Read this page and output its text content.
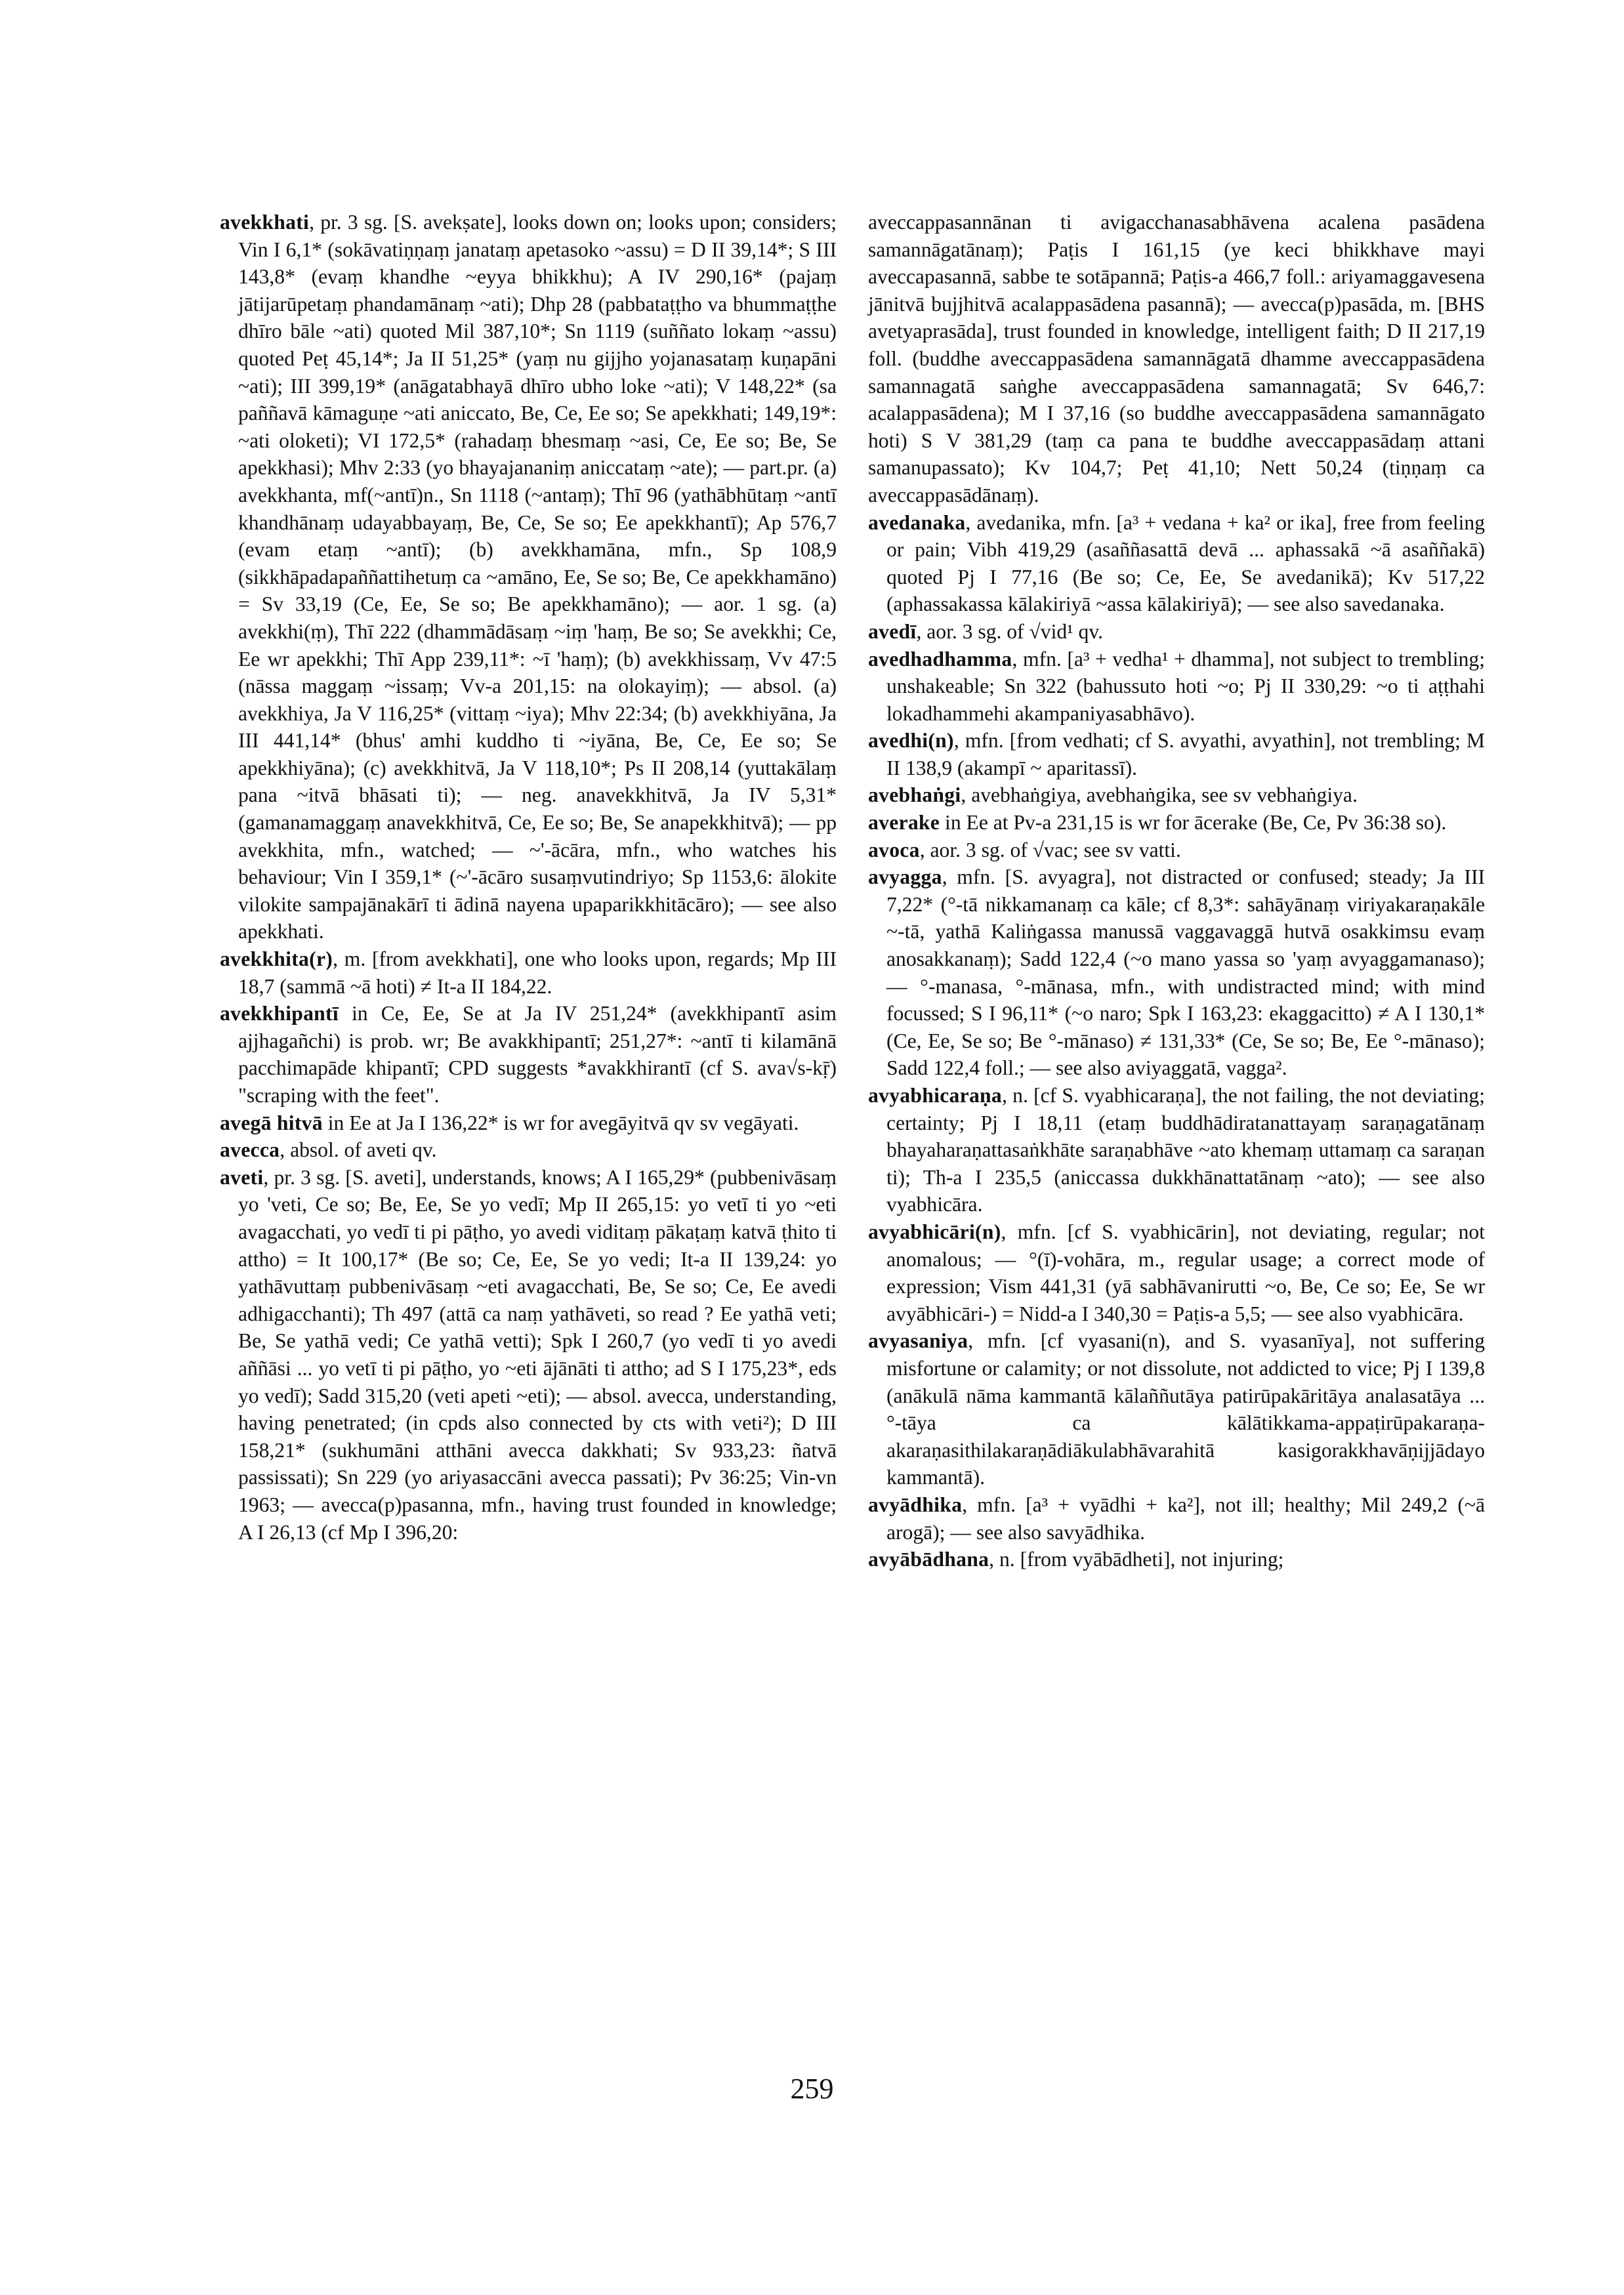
avekkhati, pr. 3 sg. [S. avekṣate], looks down on; looks upon; considers; Vin I 6,1* (sokāvatiṇṇaṃ janataṃ apetasoko ~assu) = D II 39,14*; S III 143,8* (evaṃ khandhe ~eyya bhikkhu); A IV 290,16* (pajaṃ jātijarūpetaṃ phandamānaṃ ~ati); Dhp 28 (pabbataṭṭho va bhummaṭṭhe dhīro bāle ~ati) quoted Mil 387,10*; Sn 1119 (suññato lokaṃ ~assu) quoted Peṭ 45,14*; Ja II 51,25* (yaṃ nu gijjho yojanasataṃ kuṇapāni ~ati); III 399,19* (anāgatabhayā dhīro ubho loke ~ati); V 148,22* (sa paññavā kāmaguṇe ~ati aniccato, Be, Ce, Ee so; Se apekkhati; 149,19*: ~ati oloketi); VI 172,5* (rahadaṃ bhesmaṃ ~asi, Ce, Ee so; Be, Se apekkhasi); Mhv 2:33 (yo bhayajananiṃ aniccataṃ ~ate); — part.pr. (a) avekkhanta, mf(~antī)n., Sn 1118 (~antaṃ); Thī 96 (yathābhūtaṃ ~antī khandhānaṃ udayabbayaṃ, Be, Ce, Se so; Ee apekkhantī); Ap 576,7 (evam etaṃ ~antī); (b) avekkhamāna, mfn., Sp 108,9 (sikkhāpadapaññattihetuṃ ca ~amāno, Ee, Se so; Be, Ce apekkhamāno) = Sv 33,19 (Ce, Ee, Se so; Be apekkhamāno); — aor. 1 sg. (a) avekkhi(ṃ), Thī 222 (dhammādāsaṃ ~iṃ 'haṃ, Be so; Se avekkhi; Ce, Ee wr apekkhi; Thī App 239,11*: ~ī 'haṃ); (b) avekkhissaṃ, Vv 47:5 (nāssa maggaṃ ~issaṃ; Vv-a 201,15: na olokayiṃ); — absol. (a) avekkhiya, Ja V 116,25* (vittaṃ ~iya); Mhv 22:34; (b) avekkhiyāna, Ja III 441,14* (bhus' amhi kuddho ti ~iyāna, Be, Ce, Ee so; Se apekkhiyāna); (c) avekkhitvā, Ja V 118,10*; Ps II 208,14 (yuttakālaṃ pana ~itvā bhāsati ti); — neg. anavekkhitvā, Ja IV 5,31* (gamanamaggaṃ anavekkhitvā, Ce, Ee so; Be, Se anapekkhitvā); — pp avekkhita, mfn., watched; — ~'-ācāra, mfn., who watches his behaviour; Vin I 359,1* (~'-ācāro susaṃvutindriyo; Sp 1153,6: ālokite vilokite sampajānakārī ti ādinā nayena upaparikkhitācāro); — see also apekkhati.

avekkhita(r), m. [from avekkhati], one who looks upon, regards; Mp III 18,7 (sammā ~ā hoti) ≠ It-a II 184,22.

avekkhipantī in Ce, Ee, Se at Ja IV 251,24* (avekkhipantī asim ajjhagañchi) is prob. wr; Be avakkhipantī; 251,27*: ~antī ti kilamānā pacchimapāde khipantī; CPD suggests *avakkhirantī (cf S. ava√s-kṝ) "scraping with the feet".

avegā hitvā in Ee at Ja I 136,22* is wr for avegāyitvā qv sv vegāyati.

avecca, absol. of aveti qv.

aveti, pr. 3 sg. [S. aveti], understands, knows; A I 165,29* (pubbenivāsaṃ yo 'veti, Ce so; Be, Ee, Se yo vedī; Mp II 265,15: yo vetī ti yo ~eti avagacchati, yo vedī ti pi pāṭho, yo avedi viditaṃ pākaṭaṃ katvā ṭhito ti attho) = It 100,17* (Be so; Ce, Ee, Se yo vedi; It-a II 139,24: yo yathāvuttaṃ pubbenivāsaṃ ~eti avagacchati, Be, Se so; Ce, Ee avedi adhigacchanti); Th 497 (attā ca naṃ yathāveti, so read ? Ee yathā veti; Be, Se yathā vedi; Ce yathā vetti); Spk I 260,7 (yo vedī ti yo avedi aññāsi ... yo vetī ti pi pāṭho, yo ~eti ājānāti ti attho; ad S I 175,23*, eds yo vedī); Sadd 315,20 (veti apeti ~eti); — absol. avecca, understanding, having penetrated; (in cpds also connected by cts with veti²); D III 158,21* (sukhumāni atthāni avecca dakkhati; Sv 933,23: ñatvā passissati); Sn 229 (yo ariyasaccāni avecca passati); Pv 36:25; Vin-vn 1963; — avecca(p)pasanna, mfn., having trust founded in knowledge; A I 26,13 (cf Mp I 396,20:

aveccappasannānan ti avigacchanasabhāvena acalena pasādena samannāgatānaṃ); Paṭis I 161,15 (ye keci bhikkhave mayi aveccapasannā, sabbe te sotāpannā; Paṭis-a 466,7 foll.: ariyamaggavesena jānitvā bujjhitvā acalappasādena pasannā); — avecca(p)pasāda, m. [BHS avetyaprasāda], trust founded in knowledge, intelligent faith; D II 217,19 foll. (buddhe aveccappasādena samannāgatā dhamme aveccappasādena samannagatā saṅghe aveccappasādena samannagatā; Sv 646,7: acalappasādena); M I 37,16 (so buddhe aveccappasādena samannāgato hoti) S V 381,29 (taṃ ca pana te buddhe aveccappasādaṃ attani samanupassato); Kv 104,7; Peṭ 41,10; Nett 50,24 (tiṇṇaṃ ca aveccappasādānaṃ).

avedanaka, avedanika, mfn. [a³ + vedana + ka² or ika], free from feeling or pain; Vibh 419,29 (asaññasattā devā ... aphassakā ~ā asaññakā) quoted Pj I 77,16 (Be so; Ce, Ee, Se avedanikā); Kv 517,22 (aphassakassa kālakiriyā ~assa kālakiriyā); — see also savedanaka.

avedī, aor. 3 sg. of √vid¹ qv.

avedhadhamma, mfn. [a³ + vedha¹ + dhamma], not subject to trembling; unshakeable; Sn 322 (bahussuto hoti ~o; Pj II 330,29: ~o ti aṭṭhahi lokadhammehi akampaniyasabhāvo).

avedhi(n), mfn. [from vedhati; cf S. avyathi, avyathin], not trembling; M II 138,9 (akampī ~ aparitassī).

avebhaṅgi, avebhaṅgiya, avebhaṅgika, see sv vebhaṅgiya.

averake in Ee at Pv-a 231,15 is wr for ācerake (Be, Ce, Pv 36:38 so).

avoca, aor. 3 sg. of √vac; see sv vatti.

avyagga, mfn. [S. avyagra], not distracted or confused; steady; Ja III 7,22* (°-tā nikkamanaṃ ca kāle; cf 8,3*: sahāyānaṃ viriyakaraṇakāle ~-tā, yathā Kaliṅgassa manussā vaggavaggā hutvā osakkimsu evaṃ anosakkanaṃ); Sadd 122,4 (~o mano yassa so 'yaṃ avyaggamanaso); — °-manasa, °-mānasa, mfn., with undistracted mind; with mind focussed; S I 96,11* (~o naro; Spk I 163,23: ekaggacitto) ≠ A I 130,1* (Ce, Ee, Se so; Be °-mānaso) ≠ 131,33* (Ce, Se so; Be, Ee °-mānaso); Sadd 122,4 foll.; — see also aviyaggatā, vagga².

avyabhicaraṇa, n. [cf S. vyabhicaraṇa], the not failing, the not deviating; certainty; Pj I 18,11 (etaṃ buddhādiratanattayaṃ saraṇagatānaṃ bhayaharaṇattasaṅkhāte saraṇabhāve ~ato khemaṃ uttamaṃ ca saraṇan ti); Th-a I 235,5 (aniccassa dukkhānattatānaṃ ~ato); — see also vyabhicāra.

avyabhicāri(n), mfn. [cf S. vyabhicārin], not deviating, regular; not anomalous; — °(ī)-vohāra, m., regular usage; a correct mode of expression; Vism 441,31 (yā sabhāvanirutti ~o, Be, Ce so; Ee, Se wr avyābhicāri-) = Nidd-a I 340,30 = Paṭis-a 5,5; — see also vyabhicāra.

avyasaniya, mfn. [cf vyasani(n), and S. vyasanīya], not suffering misfortune or calamity; or not dissolute, not addicted to vice; Pj I 139,8 (anākulā nāma kammantā kālaññutāya patirūpakāritāya analasatāya ... °-tāya ca kālātikkama-appaṭirūpakaraṇa-akaraṇasithilakaraṇādiākulabhāvarahitā kasigorakkhavāṇijjādayo kammantā).

avyādhika, mfn. [a³ + vyādhi + ka²], not ill; healthy; Mil 249,2 (~ā arogā); — see also savyādhika.

avyābādhana, n. [from vyābādheti], not injuring;

259
